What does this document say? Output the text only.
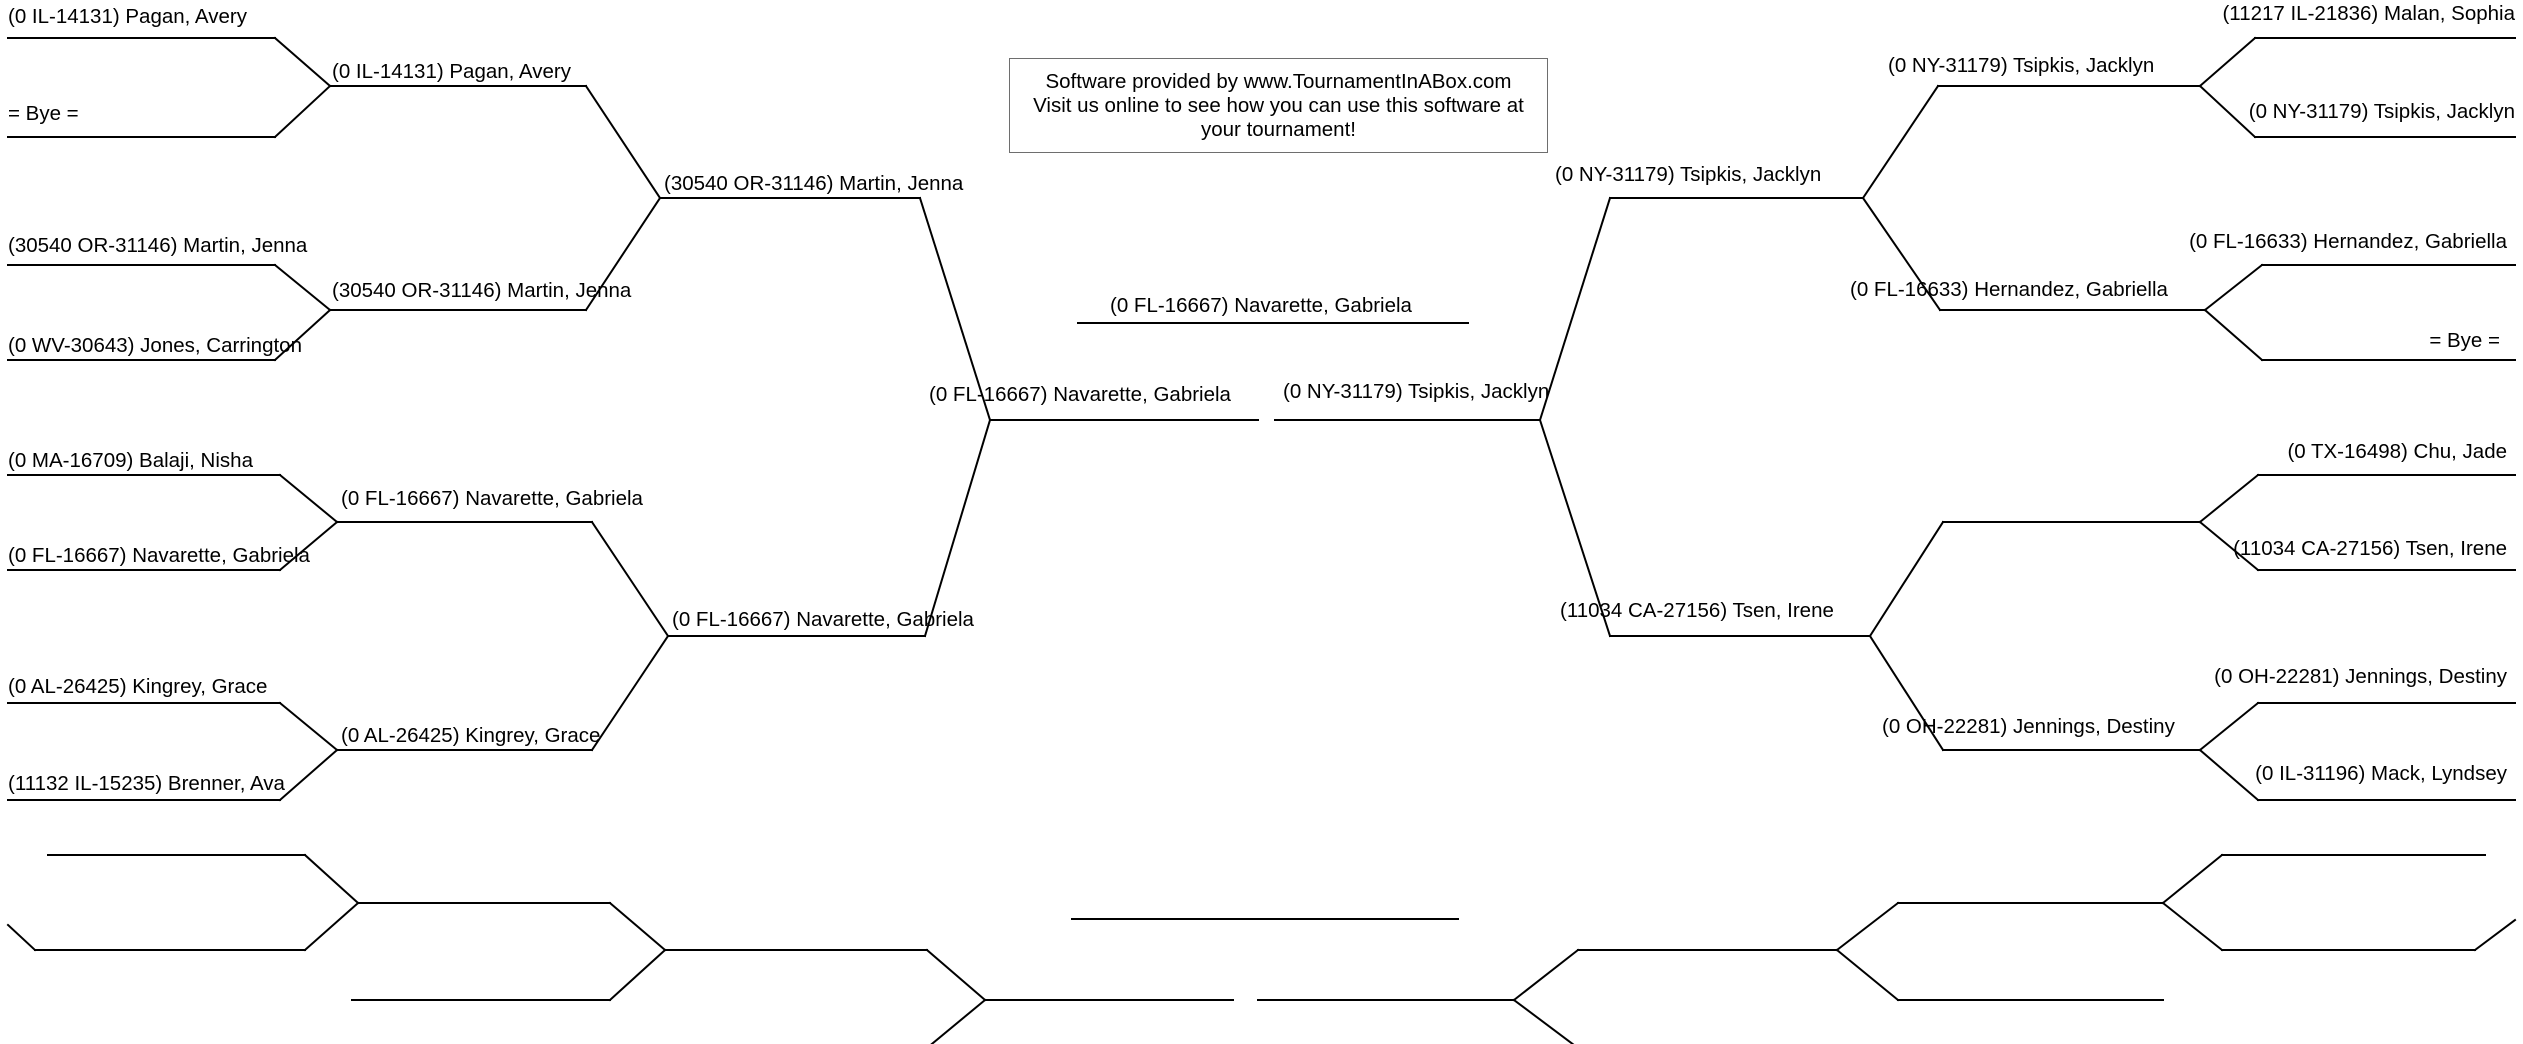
(0 IL-14131) Pagan, Avery
= Bye =
(30540 OR-31146) Martin, Jenna
(0 WV-30643) Jones, Carrington
(0 MA-16709) Balaji, Nisha
(0 FL-16667) Navarette, Gabriela
(0 AL-26425) Kingrey, Grace
(11132 IL-15235) Brenner, Ava
(0 IL-14131) Pagan, Avery
(30540 OR-31146) Martin, Jenna
(0 FL-16667) Navarette, Gabriela
(0 AL-26425) Kingrey, Grace
(30540 OR-31146) Martin, Jenna
(0 FL-16667) Navarette, Gabriela
(0 FL-16667) Navarette, Gabriela	(0 NY-31179) Tsipkis, Jacklyn
(0 FL-16667) Navarette, Gabriela
(0 NY-31179) Tsipkis, Jacklyn
(11034 CA-27156) Tsen, Irene
(0 NY-31179) Tsipkis, Jacklyn
(0 FL-16633) Hernandez, Gabriella
(0 OH-22281) Jennings, Destiny
(11217 IL-21836) Malan, Sophia
(0 NY-31179) Tsipkis, Jacklyn
(0 FL-16633) Hernandez, Gabriella
= Bye =
(0 TX-16498) Chu, Jade
(11034 CA-27156) Tsen, Irene
(0 OH-22281) Jennings, Destiny
(0 IL-31196) Mack, Lyndsey
Software provided by www.TournamentInABox.com
Visit us online to see how you can use this software at
your tournament!
